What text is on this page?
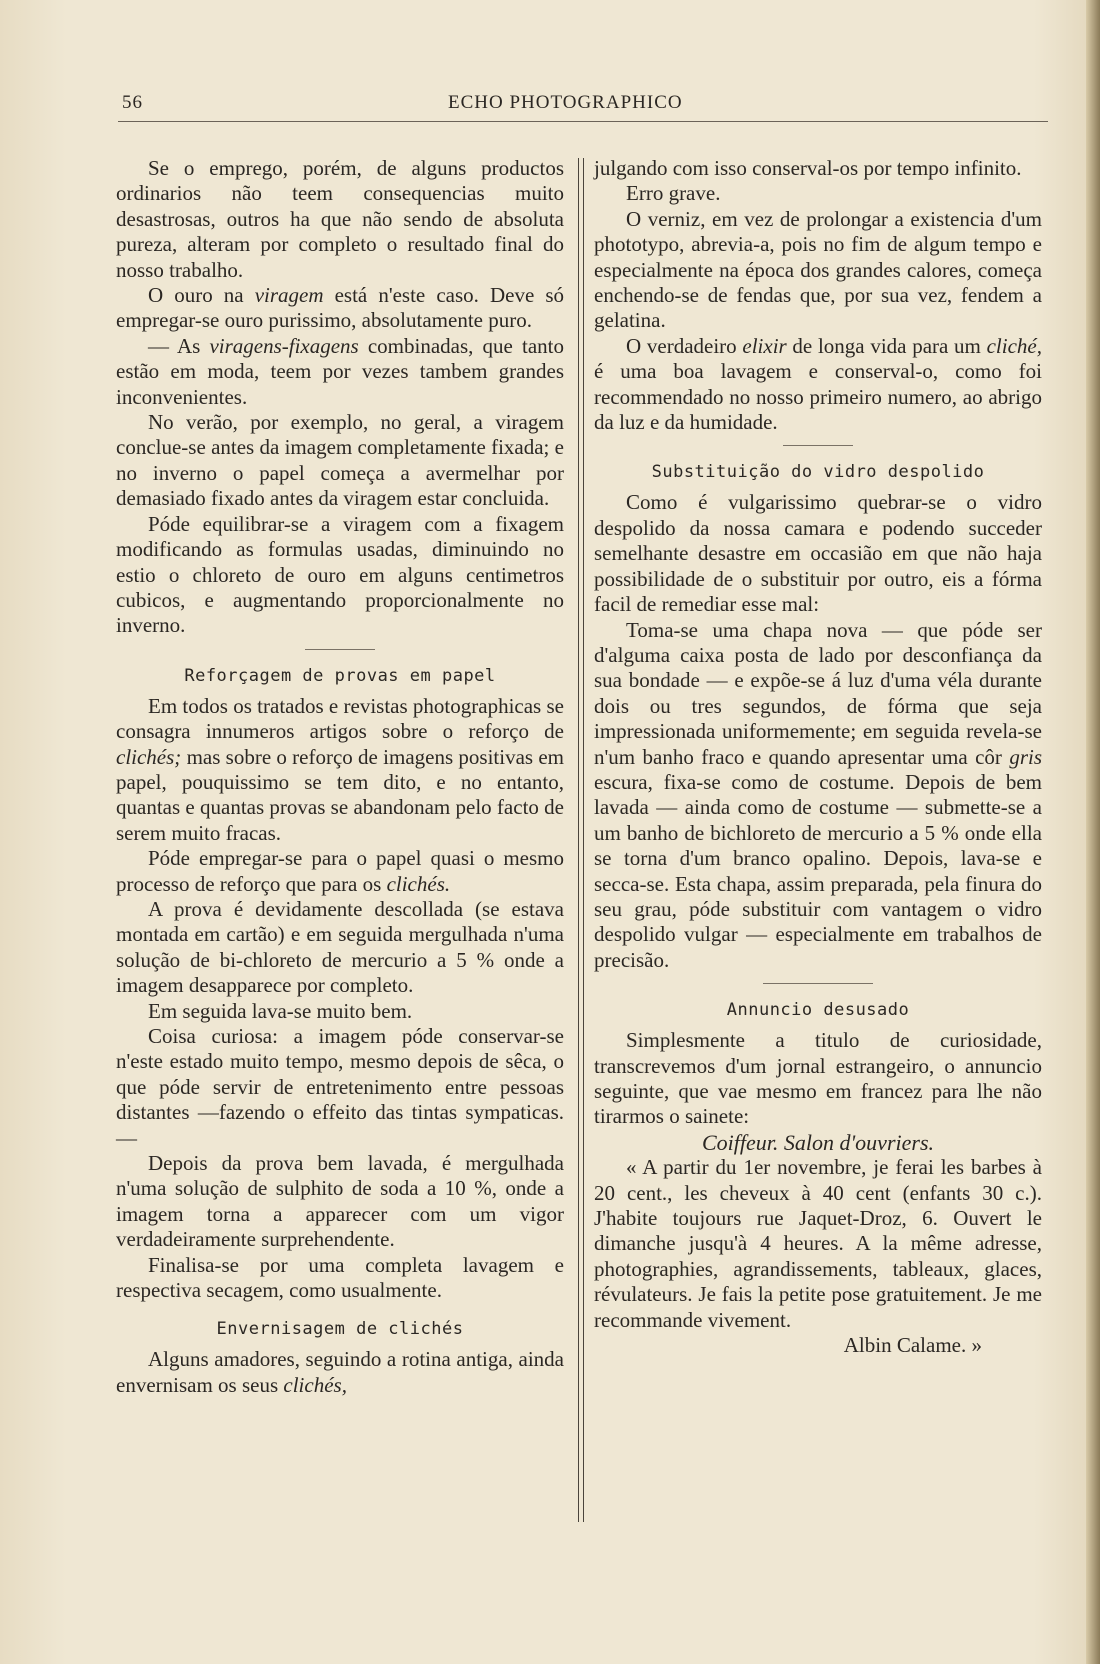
56	ECHO PHOTOGRAPHICO

Se o emprego, porém, de alguns productos ordinarios não teem consequencias muito desastrosas, outros ha que não sendo de absoluta pureza, alteram por completo o resultado final do nosso trabalho.

O ouro na viragem está n'este caso. Deve só empregar-se ouro purissimo, absolutamente puro.

— As viragens-fixagens combinadas, que tanto estão em moda, teem por vezes tambem grandes inconvenientes.

No verão, por exemplo, no geral, a viragem conclue-se antes da imagem completamente fixada; e no inverno o papel começa a avermelhar por demasiado fixado antes da viragem estar concluida.

Póde equilibrar-se a viragem com a fixagem modificando as formulas usadas, diminuindo no estio o chloreto de ouro em alguns centimetros cubicos, e augmentando proporcionalmente no inverno.

Reforçagem de provas em papel

Em todos os tratados e revistas photographicas se consagra innumeros artigos sobre o reforço de clichés; mas sobre o reforço de imagens positivas em papel, pouquissimo se tem dito, e no entanto, quantas e quantas provas se abandonam pelo facto de serem muito fracas.

Póde empregar-se para o papel quasi o mesmo processo de reforço que para os clichés.

A prova é devidamente descollada (se estava montada em cartão) e em seguida mergulhada n'uma solução de bi-chloreto de mercurio a 5 % onde a imagem desapparece por completo.

Em seguida lava-se muito bem.

Coisa curiosa: a imagem póde conservar-se n'este estado muito tempo, mesmo depois de sêca, o que póde servir de entretenimento entre pessoas distantes —fazendo o effeito das tintas sympaticas.—

Depois da prova bem lavada, é mergulhada n'uma solução de sulphito de soda a 10 %, onde a imagem torna a apparecer com um vigor verdadeiramente surprehendente.

Finalisa-se por uma completa lavagem e respectiva secagem, como usualmente.

Envernisagem de clichés

Alguns amadores, seguindo a rotina antiga, ainda envernisam os seus clichés,

julgando com isso conserval-os por tempo infinito.

Erro grave.

O verniz, em vez de prolongar a existencia d'um phototypo, abrevia-a, pois no fim de algum tempo e especialmente na época dos grandes calores, começa enchendo-se de fendas que, por sua vez, fendem a gelatina.

O verdadeiro elixir de longa vida para um cliché, é uma boa lavagem e conserval-o, como foi recommendado no nosso primeiro numero, ao abrigo da luz e da humidade.

Substituição do vidro despolido

Como é vulgarissimo quebrar-se o vidro despolido da nossa camara e podendo succeder semelhante desastre em occasião em que não haja possibilidade de o substituir por outro, eis a fórma facil de remediar esse mal:

Toma-se uma chapa nova — que póde ser d'alguma caixa posta de lado por desconfiança da sua bondade — e expõe-se á luz d'uma véla durante dois ou tres segundos, de fórma que seja impressionada uniformemente; em seguida revela-se n'um banho fraco e quando apresentar uma côr gris escura, fixa-se como de costume. Depois de bem lavada — ainda como de costume — submette-se a um banho de bichloreto de mercurio a 5 % onde ella se torna d'um branco opalino. Depois, lava-se e secca-se. Esta chapa, assim preparada, pela finura do seu grau, póde substituir com vantagem o vidro despolido vulgar — especialmente em trabalhos de precisão.

Annuncio desusado

Simplesmente a titulo de curiosidade, transcrevemos d'um jornal estrangeiro, o annuncio seguinte, que vae mesmo em francez para lhe não tirarmos o sainete:

Coiffeur. Salon d'ouvriers.

« A partir du 1er novembre, je ferai les barbes à 20 cent., les cheveux à 40 cent (enfants 30 c.). J'habite toujours rue Jaquet-Droz, 6. Ouvert le dimanche jusqu'à 4 heures. A la même adresse, photographies, agrandissements, tableaux, glaces, révulateurs. Je fais la petite pose gratuitement. Je me recommande vivement.

Albin Calame. »
